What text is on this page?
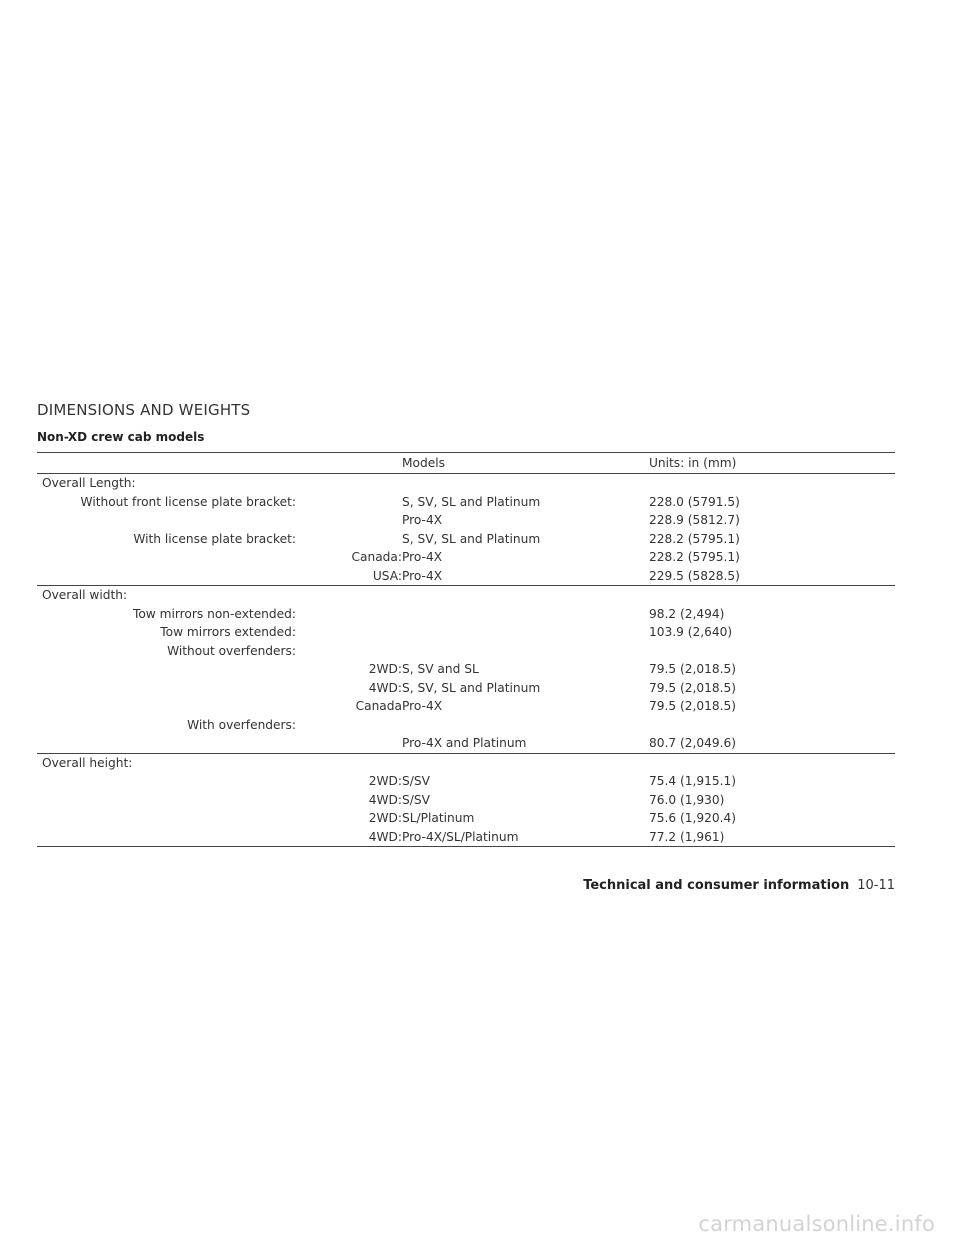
DIMENSIONS AND WEIGHTS
Non-XD crew cab models
		Models	Units: in (mm)
Overall Length:			
Without front license plate bracket:		S, SV, SL and Platinum	228.0 (5791.5)
		Pro-4X	228.9 (5812.7)
With license plate bracket:		S, SV, SL and Platinum	228.2 (5795.1)
	Canada:	Pro-4X	228.2 (5795.1)
	USA:	Pro-4X	229.5 (5828.5)
Overall width:			
Tow mirrors non-extended:			98.2 (2,494)
Tow mirrors extended:			103.9 (2,640)
Without overfenders:			
	2WD:	S, SV and SL	79.5 (2,018.5)
	4WD:	S, SV, SL and Platinum	79.5 (2,018.5)
	Canada	Pro-4X	79.5 (2,018.5)
With overfenders:			
		Pro-4X and Platinum	80.7 (2,049.6)
Overall height:			
	2WD:	S/SV	75.4 (1,915.1)
	4WD:	S/SV	76.0 (1,930)
	2WD:	SL/Platinum	75.6 (1,920.4)
	4WD:	Pro-4X/SL/Platinum	77.2 (1,961)
Technical and consumer information 10-11
carmanualsonline.info
